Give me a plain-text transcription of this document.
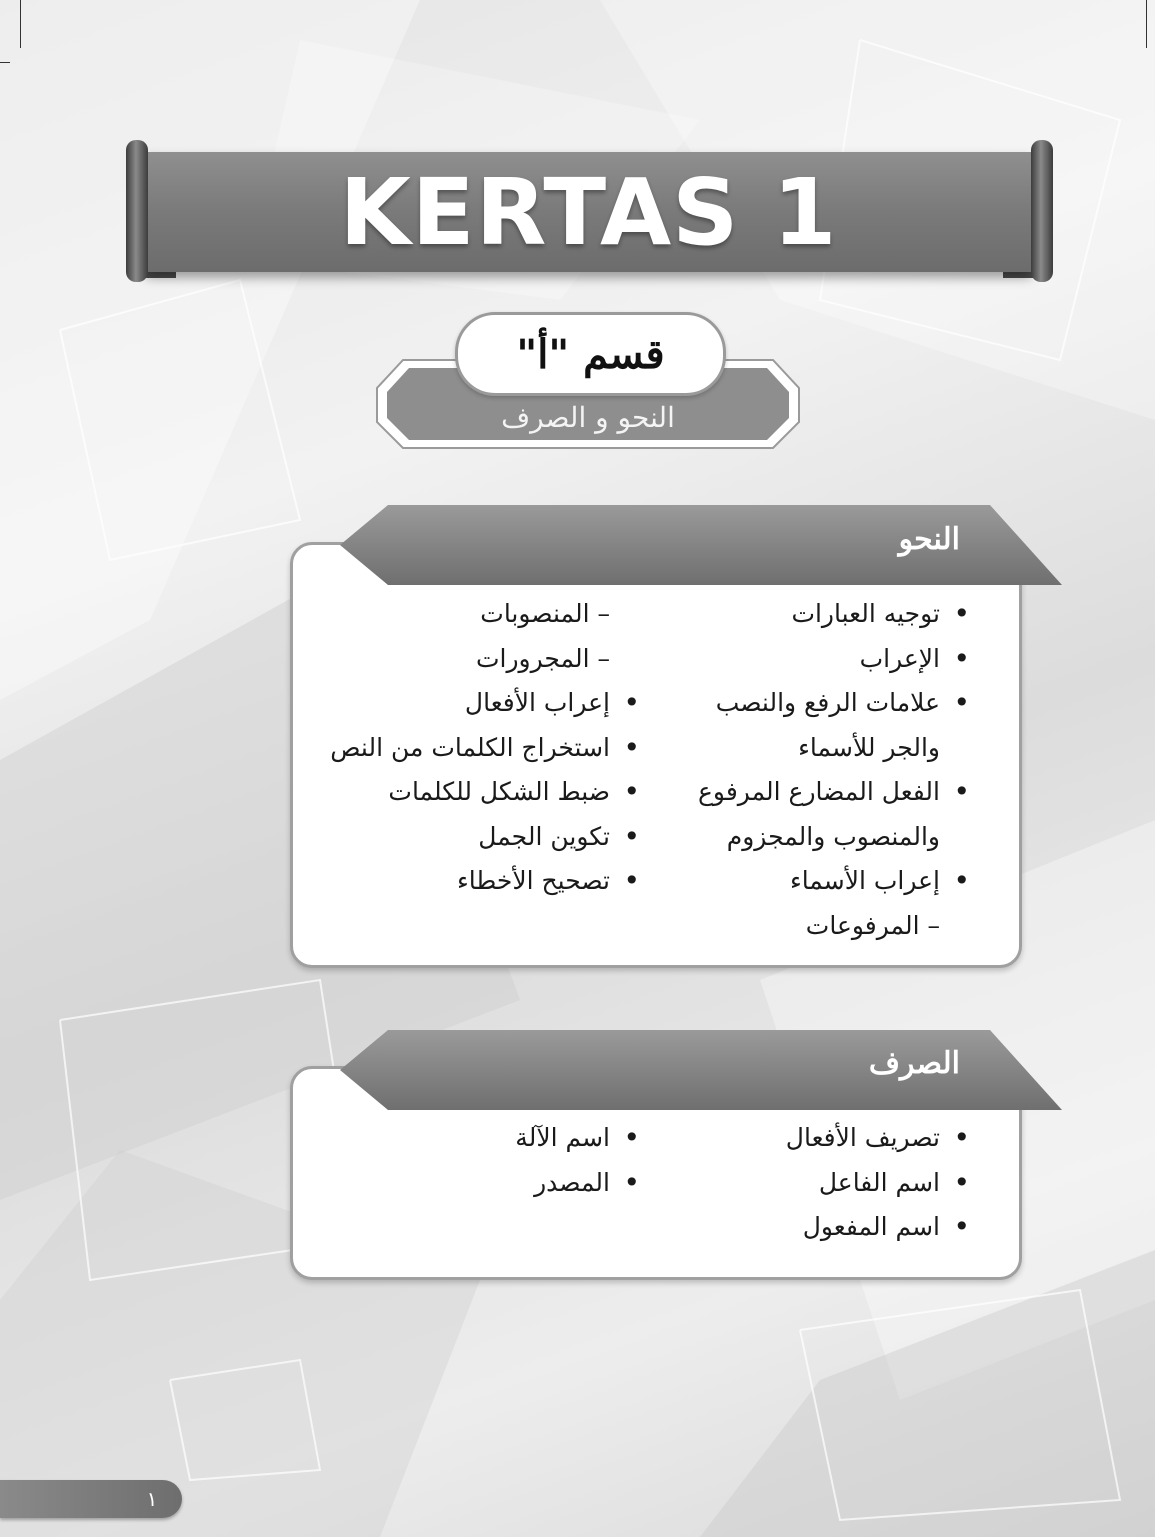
KERTAS 1
قسم "أ"
النحو و الصرف
النحو
• توجيه العبارات
• الإعراب
• علامات الرفع والنصب
والجر للأسماء
• الفعل المضارع المرفوع
والمنصوب والمجزوم
• إعراب الأسماء
– المرفوعات
– المنصوبات
– المجرورات
• إعراب الأفعال
• استخراج الكلمات من النص
• ضبط الشكل للكلمات
• تكوين الجمل
• تصحيح الأخطاء
الصرف
• تصريف الأفعال
• اسم الفاعل
• اسم المفعول
• اسم الآلة
• المصدر
١
